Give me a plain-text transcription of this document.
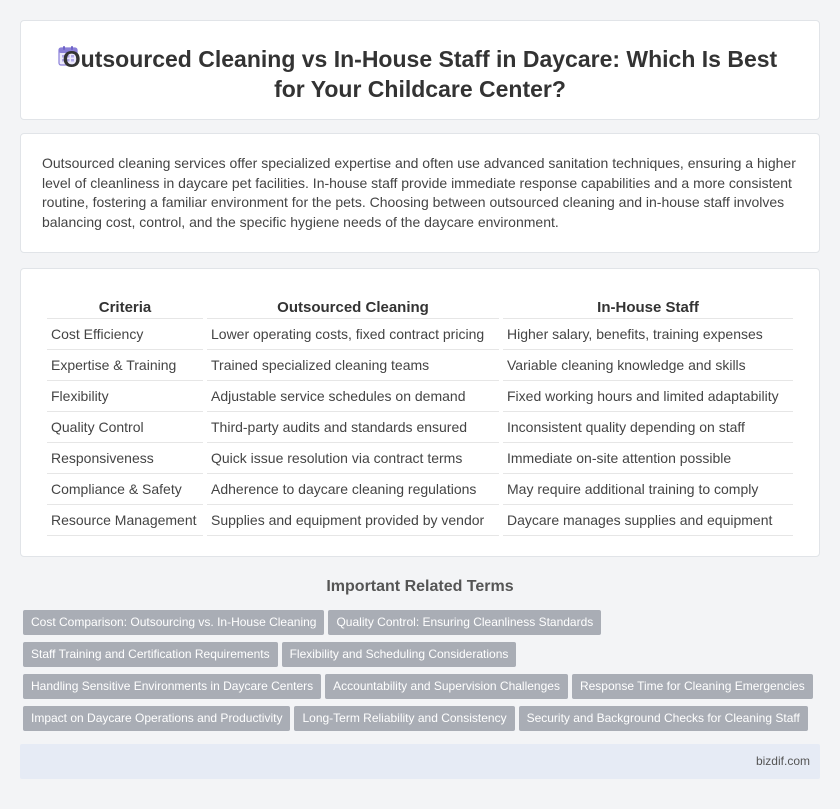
Outsourced Cleaning vs In-House Staff in Daycare: Which Is Best for Your Childcare Center?

Outsourced cleaning services offer specialized expertise and often use advanced sanitation techniques, ensuring a higher level of cleanliness in daycare pet facilities. In-house staff provide immediate response capabilities and a more consistent routine, fostering a familiar environment for the pets. Choosing between outsourced cleaning and in-house staff involves balancing cost, control, and the specific hygiene needs of the daycare environment.

Criteria	Outsourced Cleaning	In-House Staff
Cost Efficiency	Lower operating costs, fixed contract pricing	Higher salary, benefits, training expenses
Expertise & Training	Trained specialized cleaning teams	Variable cleaning knowledge and skills
Flexibility	Adjustable service schedules on demand	Fixed working hours and limited adaptability
Quality Control	Third-party audits and standards ensured	Inconsistent quality depending on staff
Responsiveness	Quick issue resolution via contract terms	Immediate on-site attention possible
Compliance & Safety	Adherence to daycare cleaning regulations	May require additional training to comply
Resource Management	Supplies and equipment provided by vendor	Daycare manages supplies and equipment
Important Related Terms
Cost Comparison: Outsourcing vs. In-House Cleaning Quality Control: Ensuring Cleanliness Standards
Staff Training and Certification Requirements Flexibility and Scheduling Considerations
Handling Sensitive Environments in Daycare Centers Accountability and Supervision Challenges Response Time for Cleaning Emergencies
Impact on Daycare Operations and Productivity Long-Term Reliability and Consistency Security and Background Checks for Cleaning Staff
bizdif.com
